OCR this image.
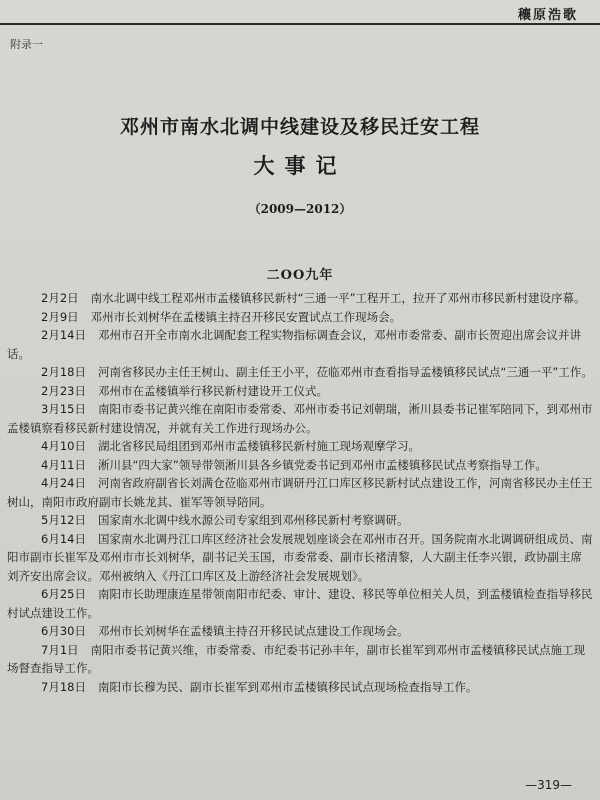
穰原浩歌
附录一
邓州市南水北调中线建设及移民迁安工程
大事记
（2009—2012）
二OO九年

2月2日 南水北调中线工程邓州市孟楼镇移民新村“三通一平”工程开工，拉开了邓州市移民新村建设序幕。

2月9日 邓州市长刘树华在孟楼镇主持召开移民安置试点工作现场会。

2月14日 邓州市召开全市南水北调配套工程实物指标调查会议，邓州市委常委、副市长贺迎出席会议并讲话。

2月18日 河南省移民办主任王树山、副主任王小平，莅临邓州市查看指导孟楼镇移民试点“三通一平”工作。

2月23日 邓州市在孟楼镇举行移民新村建设开工仪式。

3月15日 南阳市委书记黄兴维在南阳市委常委、邓州市委书记刘朝瑞，淅川县委书记崔军陪同下，到邓州市孟楼镇察看移民新村建设情况，并就有关工作进行现场办公。

4月10日 湖北省移民局组团到邓州市孟楼镇移民新村施工现场观摩学习。

4月11日 淅川县“四大家”领导带领淅川县各乡镇党委书记到邓州市孟楼镇移民试点考察指导工作。

4月24日 河南省政府副省长刘满仓莅临邓州市调研丹江口库区移民新村试点建设工作，河南省移民办主任王树山，南阳市政府副市长姚龙其、崔军等领导陪同。

5月12日 国家南水北调中线水源公司专家组到邓州移民新村考察调研。

6月14日 国家南水北调丹江口库区经济社会发展规划座谈会在邓州市召开。国务院南水北调调研组成员、南阳市副市长崔军及邓州市市长刘树华，副书记关玉国，市委常委、副市长褚清黎，人大副主任李兴银，政协副主席刘齐安出席会议。邓州被纳入《丹江口库区及上游经济社会发展规划》。

6月25日 南阳市长助理康连星带领南阳市纪委、审计、建设、移民等单位相关人员，到孟楼镇检查指导移民村试点建设工作。

6月30日 邓州市长刘树华在孟楼镇主持召开移民试点建设工作现场会。

7月1日 南阳市委书记黄兴维，市委常委、市纪委书记孙丰年，副市长崔军到邓州市孟楼镇移民试点施工现场督查指导工作。

7月18日 南阳市长穆为民、副市长崔军到邓州市孟楼镇移民试点现场检查指导工作。

—319—
